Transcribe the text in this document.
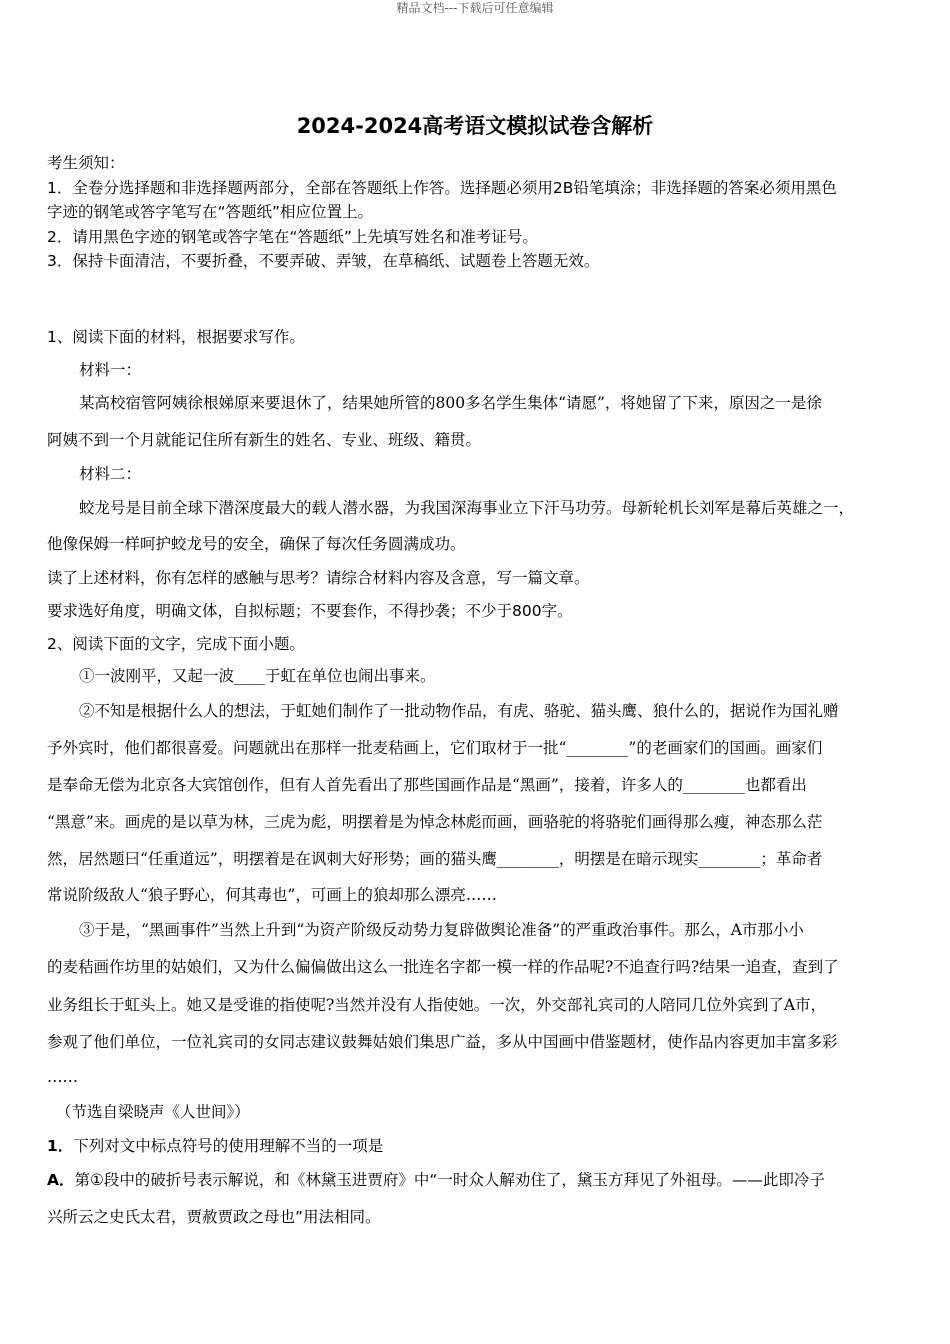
精品文档---下载后可任意编辑
2024-2024高考语文模拟试卷含解析
考生须知：
1．全卷分选择题和非选择题两部分，全部在答题纸上作答。选择题必须用2B铅笔填涂；非选择题的答案必须用黑色
字迹的钢笔或答字笔写在“答题纸”相应位置上。
2．请用黑色字迹的钢笔或答字笔在“答题纸”上先填写姓名和准考证号。
3．保持卡面清洁，不要折叠，不要弄破、弄皱，在草稿纸、试题卷上答题无效。
1、阅读下面的材料，根据要求写作。
材料一：
某高校宿管阿姨徐根娣原来要退休了，结果她所管的800多名学生集体“请愿”，将她留了下来，原因之一是徐
阿姨不到一个月就能记住所有新生的姓名、专业、班级、籍贯。
材料二：
蛟龙号是目前全球下潜深度最大的载人潜水器，为我国深海事业立下汗马功劳。母新轮机长刘军是幕后英雄之一，
他像保姆一样呵护蛟龙号的安全，确保了每次任务圆满成功。
读了上述材料，你有怎样的感触与思考？请综合材料内容及含意，写一篇文章。
要求选好角度，明确文体，自拟标题；不要套作，不得抄袭；不少于800字。
2、阅读下面的文字，完成下面小题。
①一波刚平，又起一波____于虹在单位也闹出事来。
②不知是根据什么人的想法，于虹她们制作了一批动物作品，有虎、骆驼、猫头鹰、狼什么的，据说作为国礼赠
予外宾时，他们都很喜爱。问题就出在那样一批麦秸画上，它们取材于一批“________”的老画家们的国画。画家们
是奉命无偿为北京各大宾馆创作，但有人首先看出了那些国画作品是“黑画”，接着，许多人的________也都看出
“黑意”来。画虎的是以草为林，三虎为彪，明摆着是为悼念林彪而画，画骆驼的将骆驼们画得那么瘦，神态那么茫
然，居然题曰“任重道远”，明摆着是在讽刺大好形势；画的猫头鹰________，明摆是在暗示现实________；革命者
常说阶级敌人“狼子野心，何其毒也”，可画上的狼却那么漂亮……
③于是，“黑画事件”当然上升到“为资产阶级反动势力复辟做舆论准备”的严重政治事件。那么，A市那小小
的麦秸画作坊里的姑娘们，又为什么偏偏做出这么一批连名字都一模一样的作品呢?不追查行吗?结果一追查，查到了
业务组长于虹头上。她又是受谁的指使呢?当然并没有人指使她。一次，外交部礼宾司的人陪同几位外宾到了A市，
参观了他们单位，一位礼宾司的女同志建议鼓舞姑娘们集思广益，多从中国画中借鉴题材，使作品内容更加丰富多彩
……
（节选自梁晓声《人世间》）
1．下列对文中标点符号的使用理解不当的一项是
A．第①段中的破折号表示解说，和《林黛玉进贾府》中“一时众人解劝住了，黛玉方拜见了外祖母。——此即冷子
兴所云之史氏太君，贾赦贾政之母也”用法相同。
